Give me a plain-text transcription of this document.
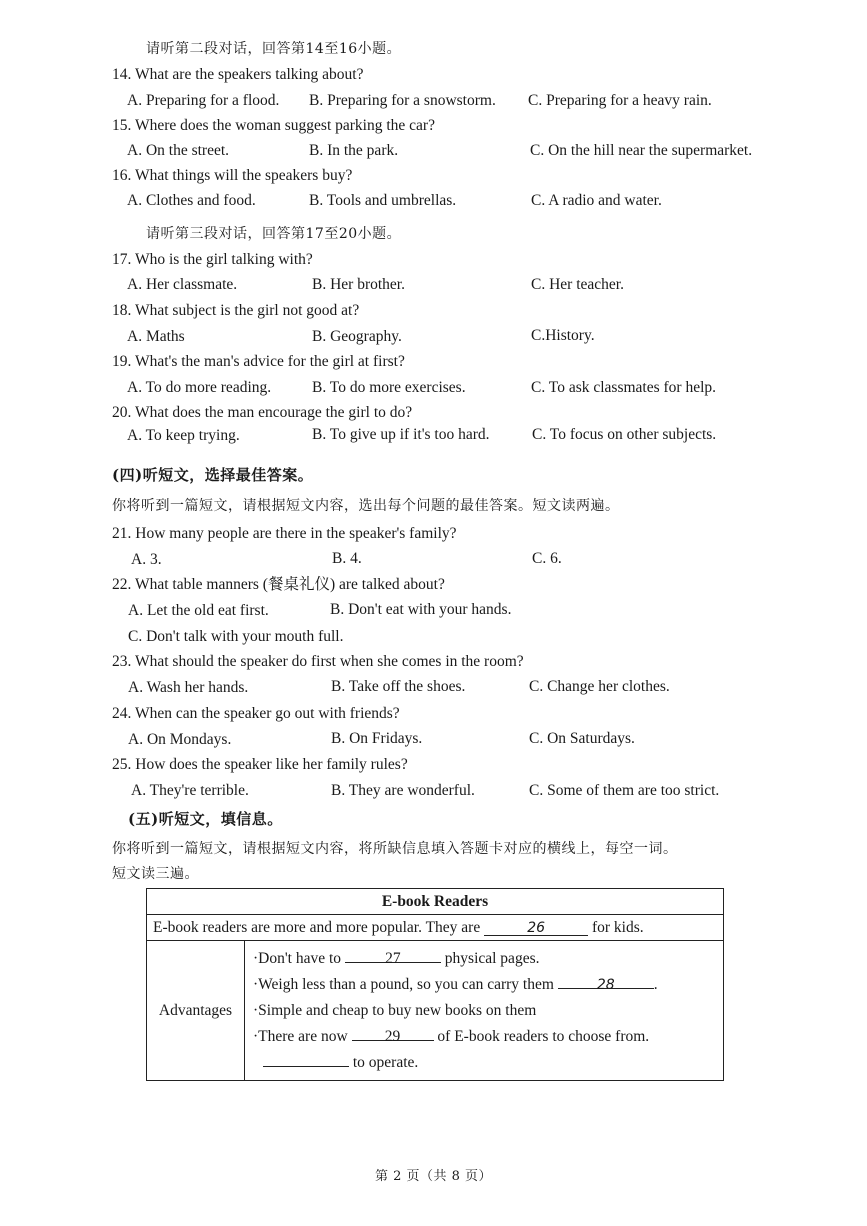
请听第二段对话，回答第14至16小题。
14. What are the speakers talking about?
A. Preparing for a flood. B. Preparing for a snowstorm. C. Preparing for a heavy rain.
15. Where does the woman suggest parking the car?
A. On the street.	B. In the park.	C. On the hill near the supermarket.
16. What things will the speakers buy?
A. Clothes and food.	B. Tools and umbrellas.	C. A radio and water.
请听第三段对话，回答第17至20小题。
17. Who is the girl talking with?
A. Her classmate.	B. Her brother.	C. Her teacher.
18. What subject is the girl not good at?
A. Maths	B. Geography.	C.History.
19. What's the man's advice for the girl at first?
A. To do more reading.	B. To do more exercises.	C. To ask classmates for help.
20. What does the man encourage the girl to do?
A. To keep trying.	B. To give up if it's too hard.	C. To focus on other subjects.
(四)听短文，选择最佳答案。
你将听到一篇短文，请根据短文内容，选出每个问题的最佳答案。短文读两遍。
21. How many people are there in the speaker's family?
A. 3.	B. 4.	C. 6.
22. What table manners (餐桌礼仪) are talked about?
A. Let the old eat first.	B. Don't eat with your hands.
C. Don't talk with your mouth full.
23. What should the speaker do first when she comes in the room?
A. Wash her hands.	B. Take off the shoes.	C. Change her clothes.
24. When can the speaker go out with friends?
A. On Mondays.	B. On Fridays.	C. On Saturdays.
25. How does the speaker like her family rules?
A. They're terrible.	B. They are wonderful.	C. Some of them are too strict.
(五)听短文，填信息。
你将听到一篇短文，请根据短文内容，将所缺信息填入答题卡对应的横线上，每空一词。
短文读三遍。
E-book Readers
E-book readers are more and more popular. They are	26	for kids.
Advantages	
·Don't have to	27	physical pages.
·Weigh less than a pound, so you can carry them	28	.
·Simple and cheap to buy new books on them
·There are now 29 of E-book readers to choose from.
to operate.
第 2 页（共 8 页）
